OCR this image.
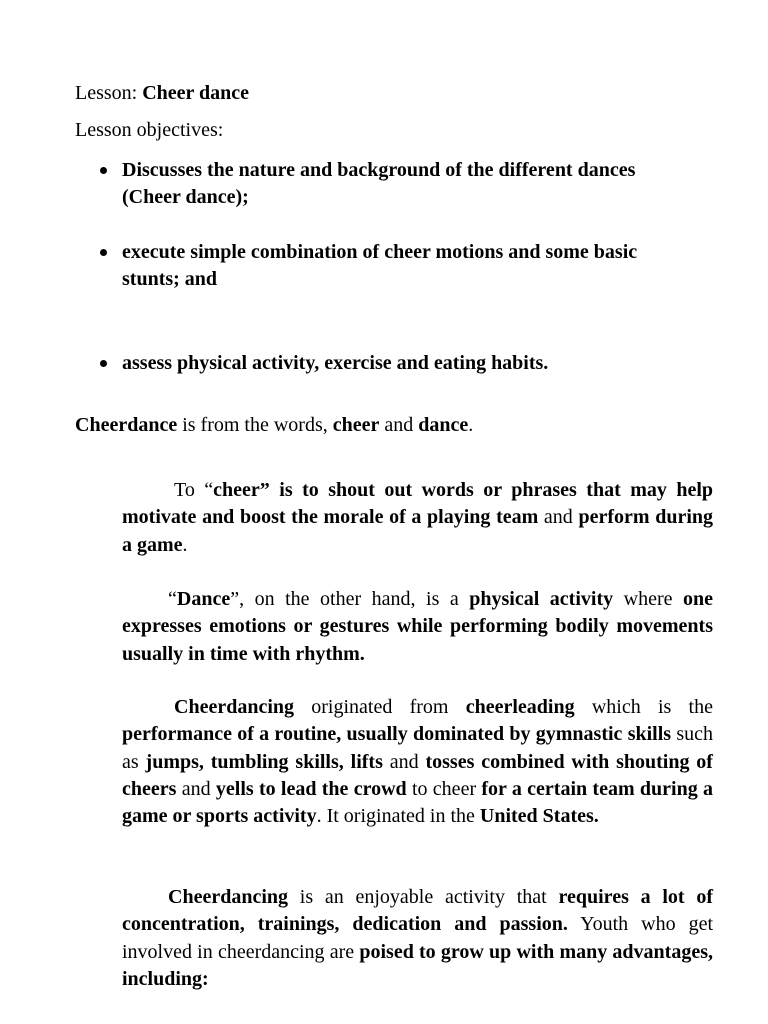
Lesson: Cheer dance
Lesson objectives:
Discusses the nature and background of the different dances (Cheer dance);
execute simple combination of cheer motions and some basic stunts; and
assess physical activity, exercise and eating habits.
Cheerdance is from the words, cheer and dance.
To “cheer” is to shout out words or phrases that may help motivate and boost the morale of a playing team and perform during a game.
“Dance”, on the other hand, is a physical activity where one expresses emotions or gestures while performing bodily movements usually in time with rhythm.
Cheerdancing originated from cheerleading which is the performance of a routine, usually dominated by gymnastic skills such as jumps, tumbling skills, lifts and tosses combined with shouting of cheers and yells to lead the crowd to cheer for a certain team during a game or sports activity. It originated in the United States.
Cheerdancing is an enjoyable activity that requires a lot of concentration, trainings, dedication and passion. Youth who get involved in cheerdancing are poised to grow up with many advantages, including:
